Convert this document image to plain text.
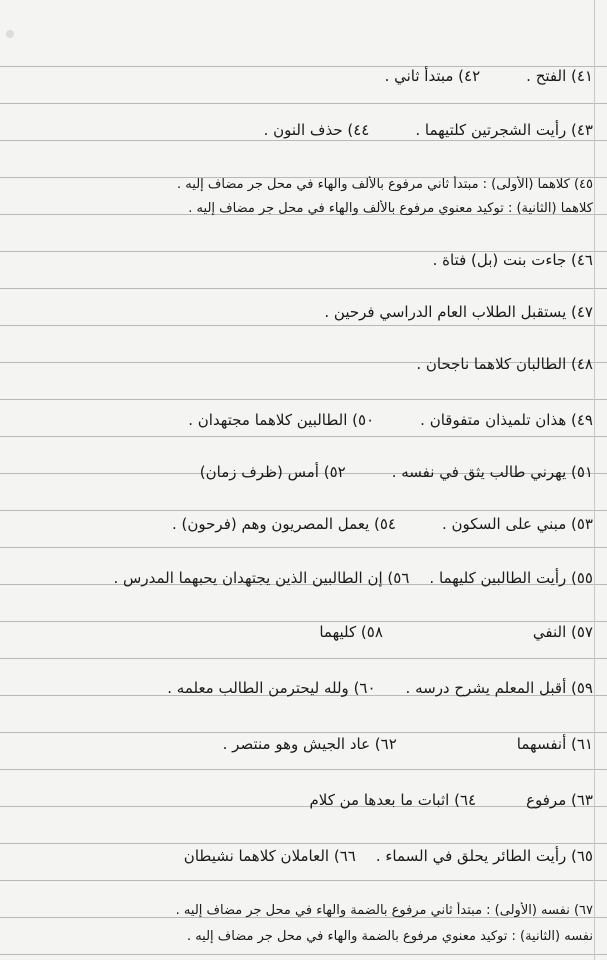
٤١) الفتح .٤٢) مبتدأ ثاني .
٤٣) رأيت الشجرتين كلتيهما .٤٤) حذف النون .
٤٥) كلاهما (الأولى) : مبتدأ ثاني مرفوع بالألف والهاء في محل جر مضاف إليه .
كلاهما (الثانية) : توكيد معنوي مرفوع بالألف والهاء في محل جر مضاف إليه .
٤٦) جاءت بنت (بل) فتاة .
٤٧) يستقبل الطلاب العام الدراسي فرحين .
٤٨) الطالبان كلاهما ناجحان .
٤٩) هذان تلميذان متفوقان .٥٠) الطالبين كلاهما مجتهدان .
٥١) يهرني طالب يثق في نفسه .٥٢) أمس (ظرف زمان)
٥٣) مبني على السكون .٥٤) يعمل المصريون وهم (فرحون) .
٥٥) رأيت الطالبين كليهما .٥٦) إن الطالبين الذين يجتهدان يحبهما المدرس .
٥٧) النفي٥٨) كليهما
٥٩) أقبل المعلم يشرح درسه .٦٠) ولله ليحترمن الطالب معلمه .
٦١) أنفسهما٦٢) عاد الجيش وهو منتصر .
٦٣) مرفوع٦٤) اثبات ما بعدها من كلام
٦٥) رأيت الطائر يحلق في السماء .٦٦) العاملان كلاهما نشيطان
٦٧) نفسه (الأولى) : مبتدأ ثاني مرفوع بالضمة والهاء في محل جر مضاف إليه .
نفسه (الثانية) : توكيد معنوي مرفوع بالضمة والهاء في محل جر مضاف إليه .
